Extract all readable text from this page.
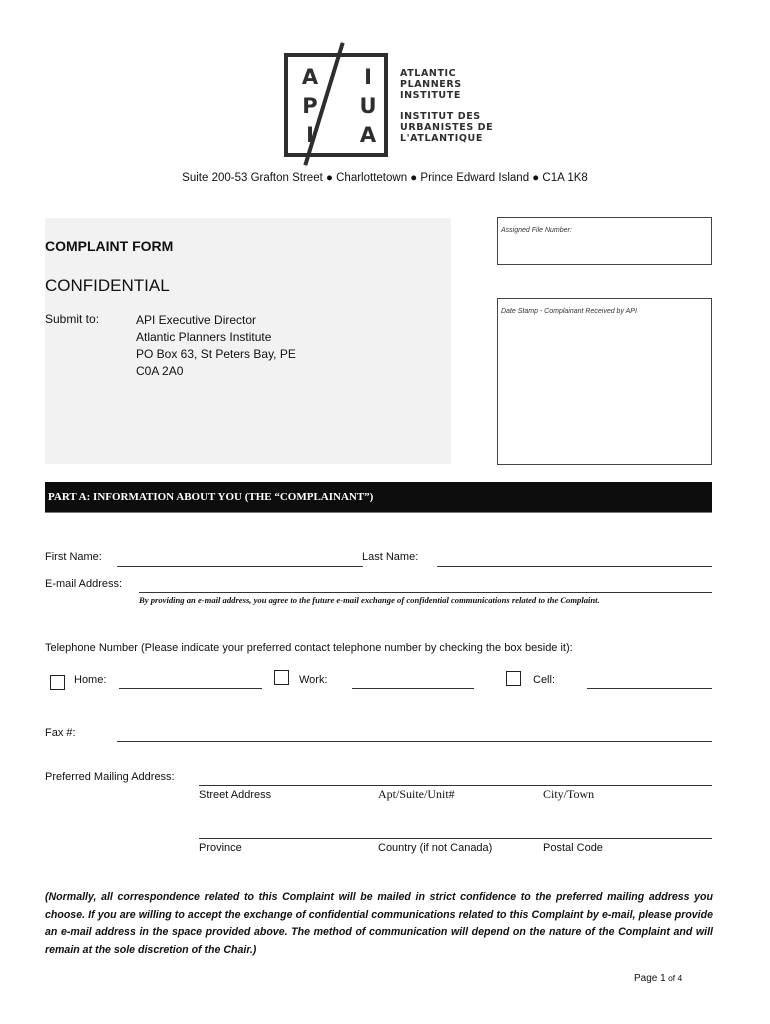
A
P
I
I
U
A
ATLANTIC
PLANNERS
INSTITUTE
INSTITUT DES
URBANISTES DE
L'ATLANTIQUE
Suite 200-53 Grafton Street ● Charlottetown ● Prince Edward Island ● C1A 1K8
COMPLAINT FORM
CONFIDENTIAL
Submit to:	API Executive Director
Atlantic Planners Institute
PO Box 63, St Peters Bay, PE
C0A 2A0
Assigned File Number:
Date Stamp - Complainant Received by API
PART A: INFORMATION ABOUT YOU (THE “COMPLAINANT”)
First Name:	Last Name:
E-mail Address:
By providing an e-mail address, you agree to the future e-mail exchange of confidential communications related to the Complaint.
Telephone Number (Please indicate your preferred contact telephone number by checking the box beside it):
Home:	Work:	Cell:
Fax #:
Preferred Mailing Address:
Street Address	Apt/Suite/Unit#	City/Town
Province	Country (if not Canada)	Postal Code
(Normally, all correspondence related to this Complaint will be mailed in strict confidence to the preferred mailing address you choose. If you are willing to accept the exchange of confidential communications related to this Complaint by e-mail, please provide an e-mail address in the space provided above. The method of communication will depend on the nature of the Complaint and will remain at the sole discretion of the Chair.)
Page 1 of 4
